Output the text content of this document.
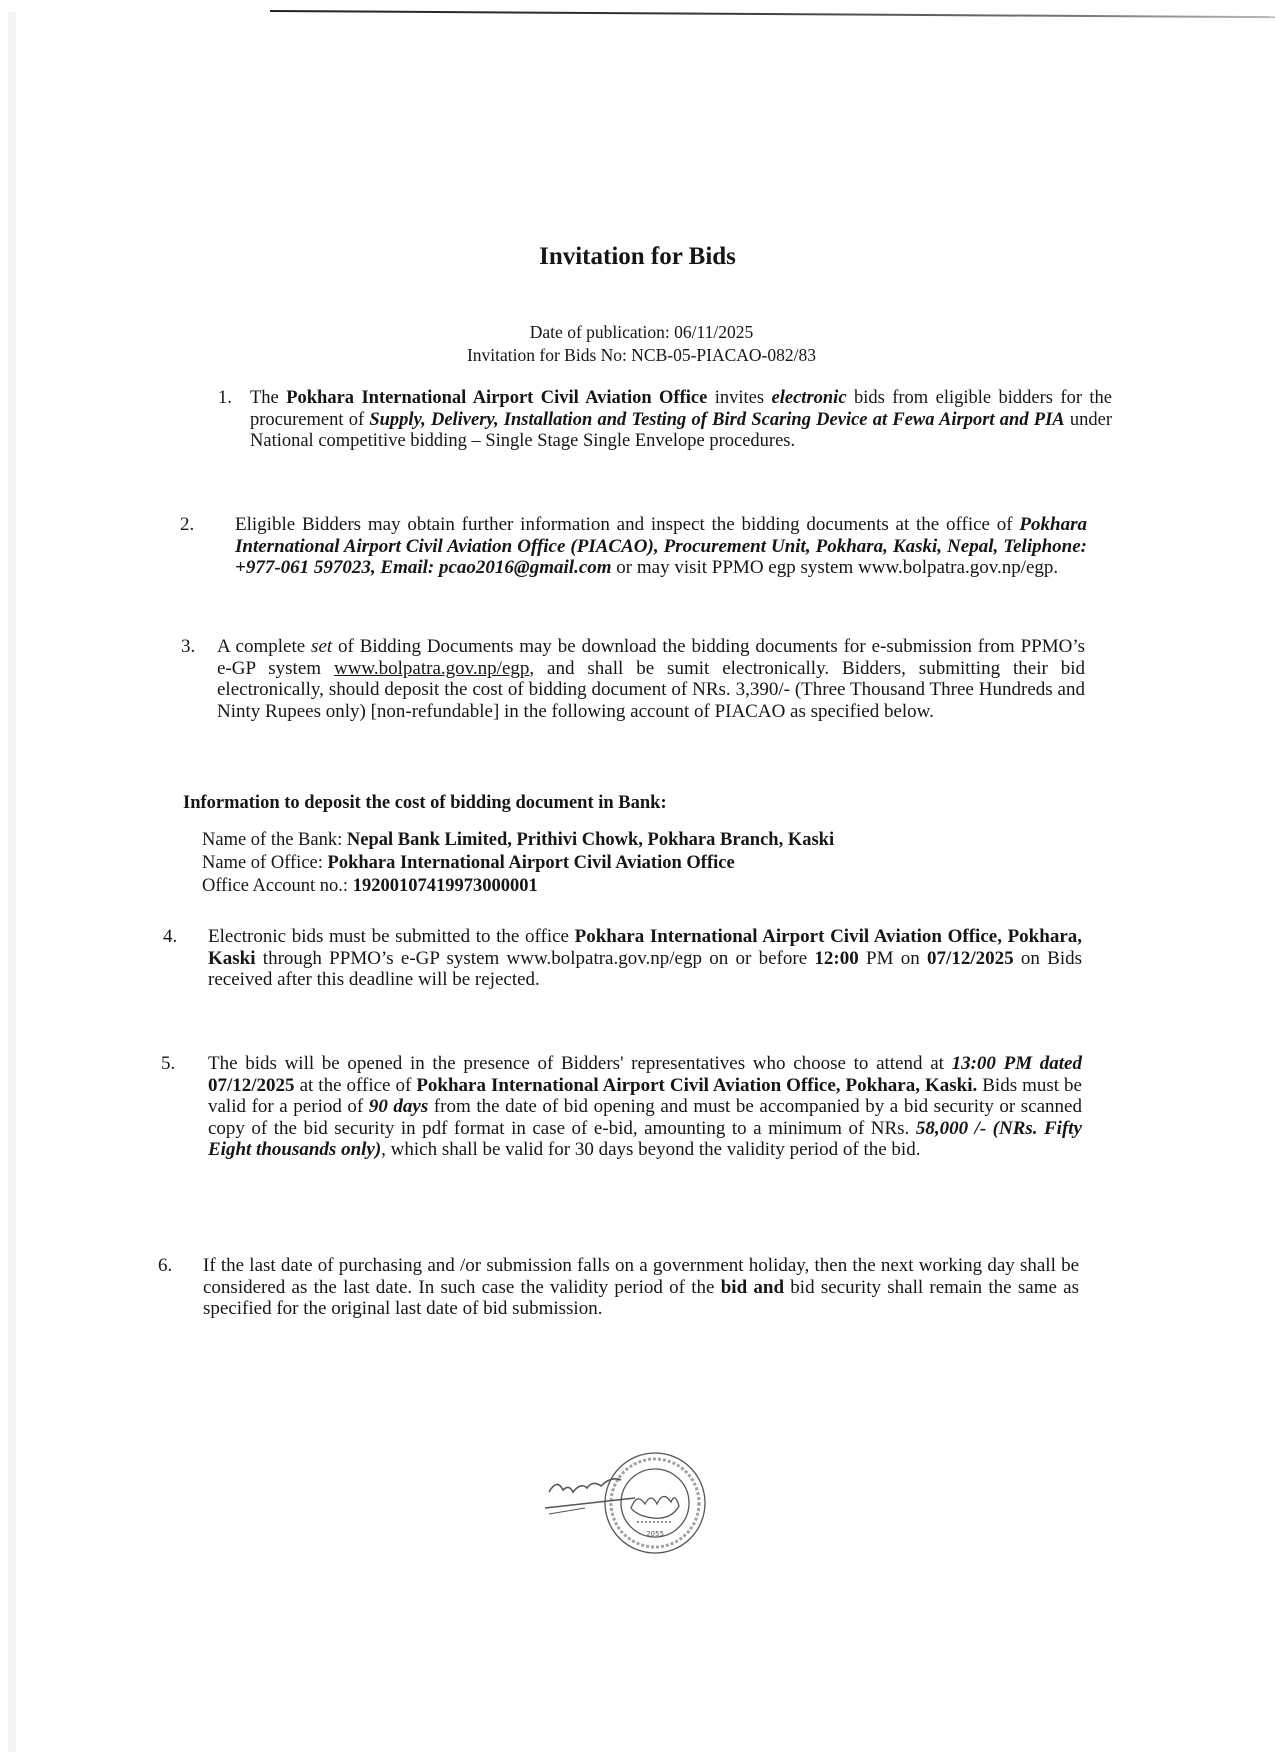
Invitation for Bids
Date of publication: 06/11/2025
Invitation for Bids No: NCB-05-PIACAO-082/83
1. The Pokhara International Airport Civil Aviation Office invites electronic bids from eligible bidders for the procurement of Supply, Delivery, Installation and Testing of Bird Scaring Device at Fewa Airport and PIA under National competitive bidding – Single Stage Single Envelope procedures.
2. Eligible Bidders may obtain further information and inspect the bidding documents at the office of Pokhara International Airport Civil Aviation Office (PIACAO), Procurement Unit, Pokhara, Kaski, Nepal, Teliphone: +977-061 597023, Email: pcao2016@gmail.com or may visit PPMO egp system www.bolpatra.gov.np/egp.
3. A complete set of Bidding Documents may be download the bidding documents for e-submission from PPMO’s e-GP system www.bolpatra.gov.np/egp, and shall be sumit electronically. Bidders, submitting their bid electronically, should deposit the cost of bidding document of NRs. 3,390/- (Three Thousand Three Hundreds and Ninty Rupees only) [non-refundable] in the following account of PIACAO as specified below.
Information to deposit the cost of bidding document in Bank:
Name of the Bank: Nepal Bank Limited, Prithivi Chowk, Pokhara Branch, Kaski
Name of Office: Pokhara International Airport Civil Aviation Office
Office Account no.: 19200107419973000001
4. Electronic bids must be submitted to the office Pokhara International Airport Civil Aviation Office, Pokhara, Kaski through PPMO’s e-GP system www.bolpatra.gov.np/egp on or before 12:00 PM on 07/12/2025 on Bids received after this deadline will be rejected.
5. The bids will be opened in the presence of Bidders' representatives who choose to attend at 13:00 PM dated 07/12/2025 at the office of Pokhara International Airport Civil Aviation Office, Pokhara, Kaski. Bids must be valid for a period of 90 days from the date of bid opening and must be accompanied by a bid security or scanned copy of the bid security in pdf format in case of e-bid, amounting to a minimum of NRs. 58,000 /- (NRs. Fifty Eight thousands only), which shall be valid for 30 days beyond the validity period of the bid.
6. If the last date of purchasing and /or submission falls on a government holiday, then the next working day shall be considered as the last date. In such case the validity period of the bid and bid security shall remain the same as specified for the original last date of bid submission.
2055
